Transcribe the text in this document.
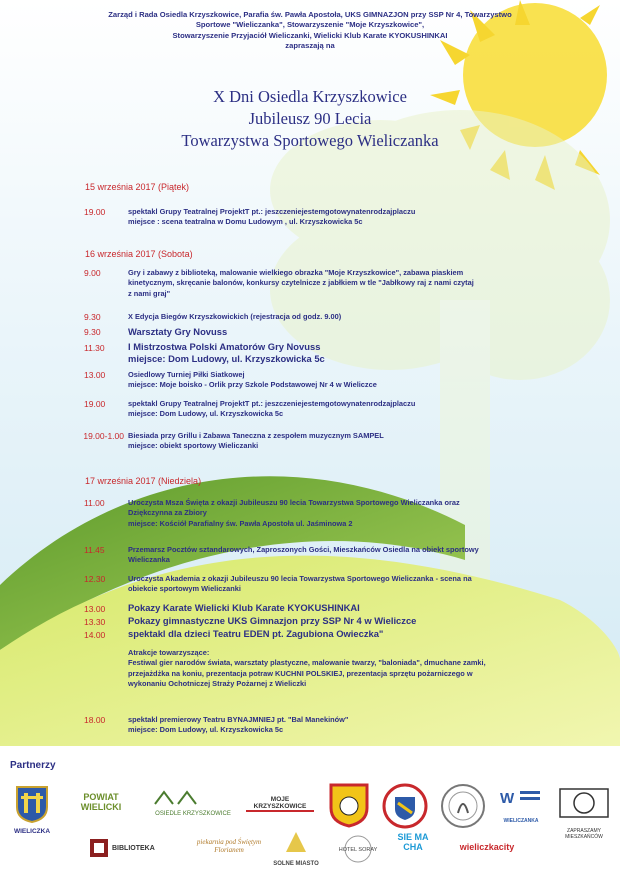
Zarząd i Rada Osiedla Krzyszkowice, Parafia św. Pawła Apostoła, UKS GIMNAZJON przy SSP Nr 4, Towarzystwo
Sportowe "Wieliczanka", Stowarzyszenie "Moje Krzyszkowice",
Stowarzyszenie Przyjaciół Wieliczanki, Wielicki Klub Karate KYOKUSHINKAI
zapraszają na
X Dni Osiedla Krzyszkowice
Jubileusz 90 Lecia
Towarzystwa Sportowego Wieliczanka
15 września 2017 (Piątek)
16 września 2017 (Sobota)
17 września 2017 (Niedziela)
19.00	spektakl Grupy Teatralnej ProjektT pt.: jeszczeniejestemgotowynatenrodzajplaczu
miejsce : scena teatralna w Domu Ludowym , ul. Krzyszkowicka 5c
9.00	Gry i zabawy z biblioteką, malowanie wielkiego obrazka "Moje Krzyszkowice", zabawa piaskiem
kinetycznym, skręcanie balonów, konkursy czytelnicze z jabłkiem w tle "Jabłkowy raj z nami czytaj
z nami graj"
9.30	X Edycja Biegów Krzyszkowickich (rejestracja od godz. 9.00)
9.30	Warsztaty Gry Novuss
11.30 I Mistrzostwa Polski Amatorów Gry Novuss
miejsce: Dom Ludowy, ul. Krzyszkowicka 5c
13.00	Osiedlowy Turniej Piłki Siatkowej
miejsce: Moje boisko - Orlik przy Szkole Podstawowej Nr 4 w Wieliczce
19.00	spektakl Grupy Teatralnej ProjektT pt.: jeszczeniejestemgotowynatenrodzajplaczu
miejsce: Dom Ludowy, ul. Krzyszkowicka 5c
19.00-1.00 Biesiada przy Grillu i Zabawa Taneczna z zespołem muzycznym SAMPEL
miejsce: obiekt sportowy Wieliczanki
11.00	Uroczysta Msza Święta z okazji Jubileuszu 90 lecia Towarzystwa Sportowego Wieliczanka oraz
Dziękczynna za Zbiory
miejsce: Kościół Parafialny św. Pawła Apostoła ul. Jaśminowa 2
11.45	Przemarsz Pocztów sztandarowych, Zaproszonych Gości, Mieszkańców Osiedla na obiekt sportowy
Wieliczanka
12.30	Uroczysta Akademia z okazji Jubileuszu 90 lecia Towarzystwa Sportowego Wieliczanka - scena na
obiekcie sportowym Wieliczanki
13.00 Pokazy Karate Wielicki Klub Karate KYOKUSHINKAI
13.30 Pokazy gimnastyczne UKS Gimnazjon przy SSP Nr 4 w Wieliczce
14.00 spektakl dla dzieci Teatru EDEN pt. Zagubiona Owieczka"
Atrakcje towarzyszące:
Festiwal gier narodów świata, warsztaty plastyczne, malowanie twarzy, "baloniada", dmuchane zamki,
przejażdżka na koniu, prezentacja potraw KUCHNI POLSKIEJ, prezentacja sprzętu pożarniczego w
wykonaniu Ochotniczej Straży Pożarnej z Wieliczki
18.00	spektakl premierowy Teatru BYNAJMNIEJ pt. "Bal Manekinów"
miejsce: Dom Ludowy, ul. Krzyszkowicka 5c
Partnerzy
WIELICZKA
POWIAT WIELICKI
OSIEDLE KRZYSZKOWICE
MOJE KRZYSZKOWICE	W
WIELICZANKA
ZAPRASZAMY MIESZKAŃCÓW
BIBLIOTEKA
piekarnia pod Świętym Florianem
SOLNE MIASTO
HOTEL SORAY
SIE MA CHA	wieliczkacity
